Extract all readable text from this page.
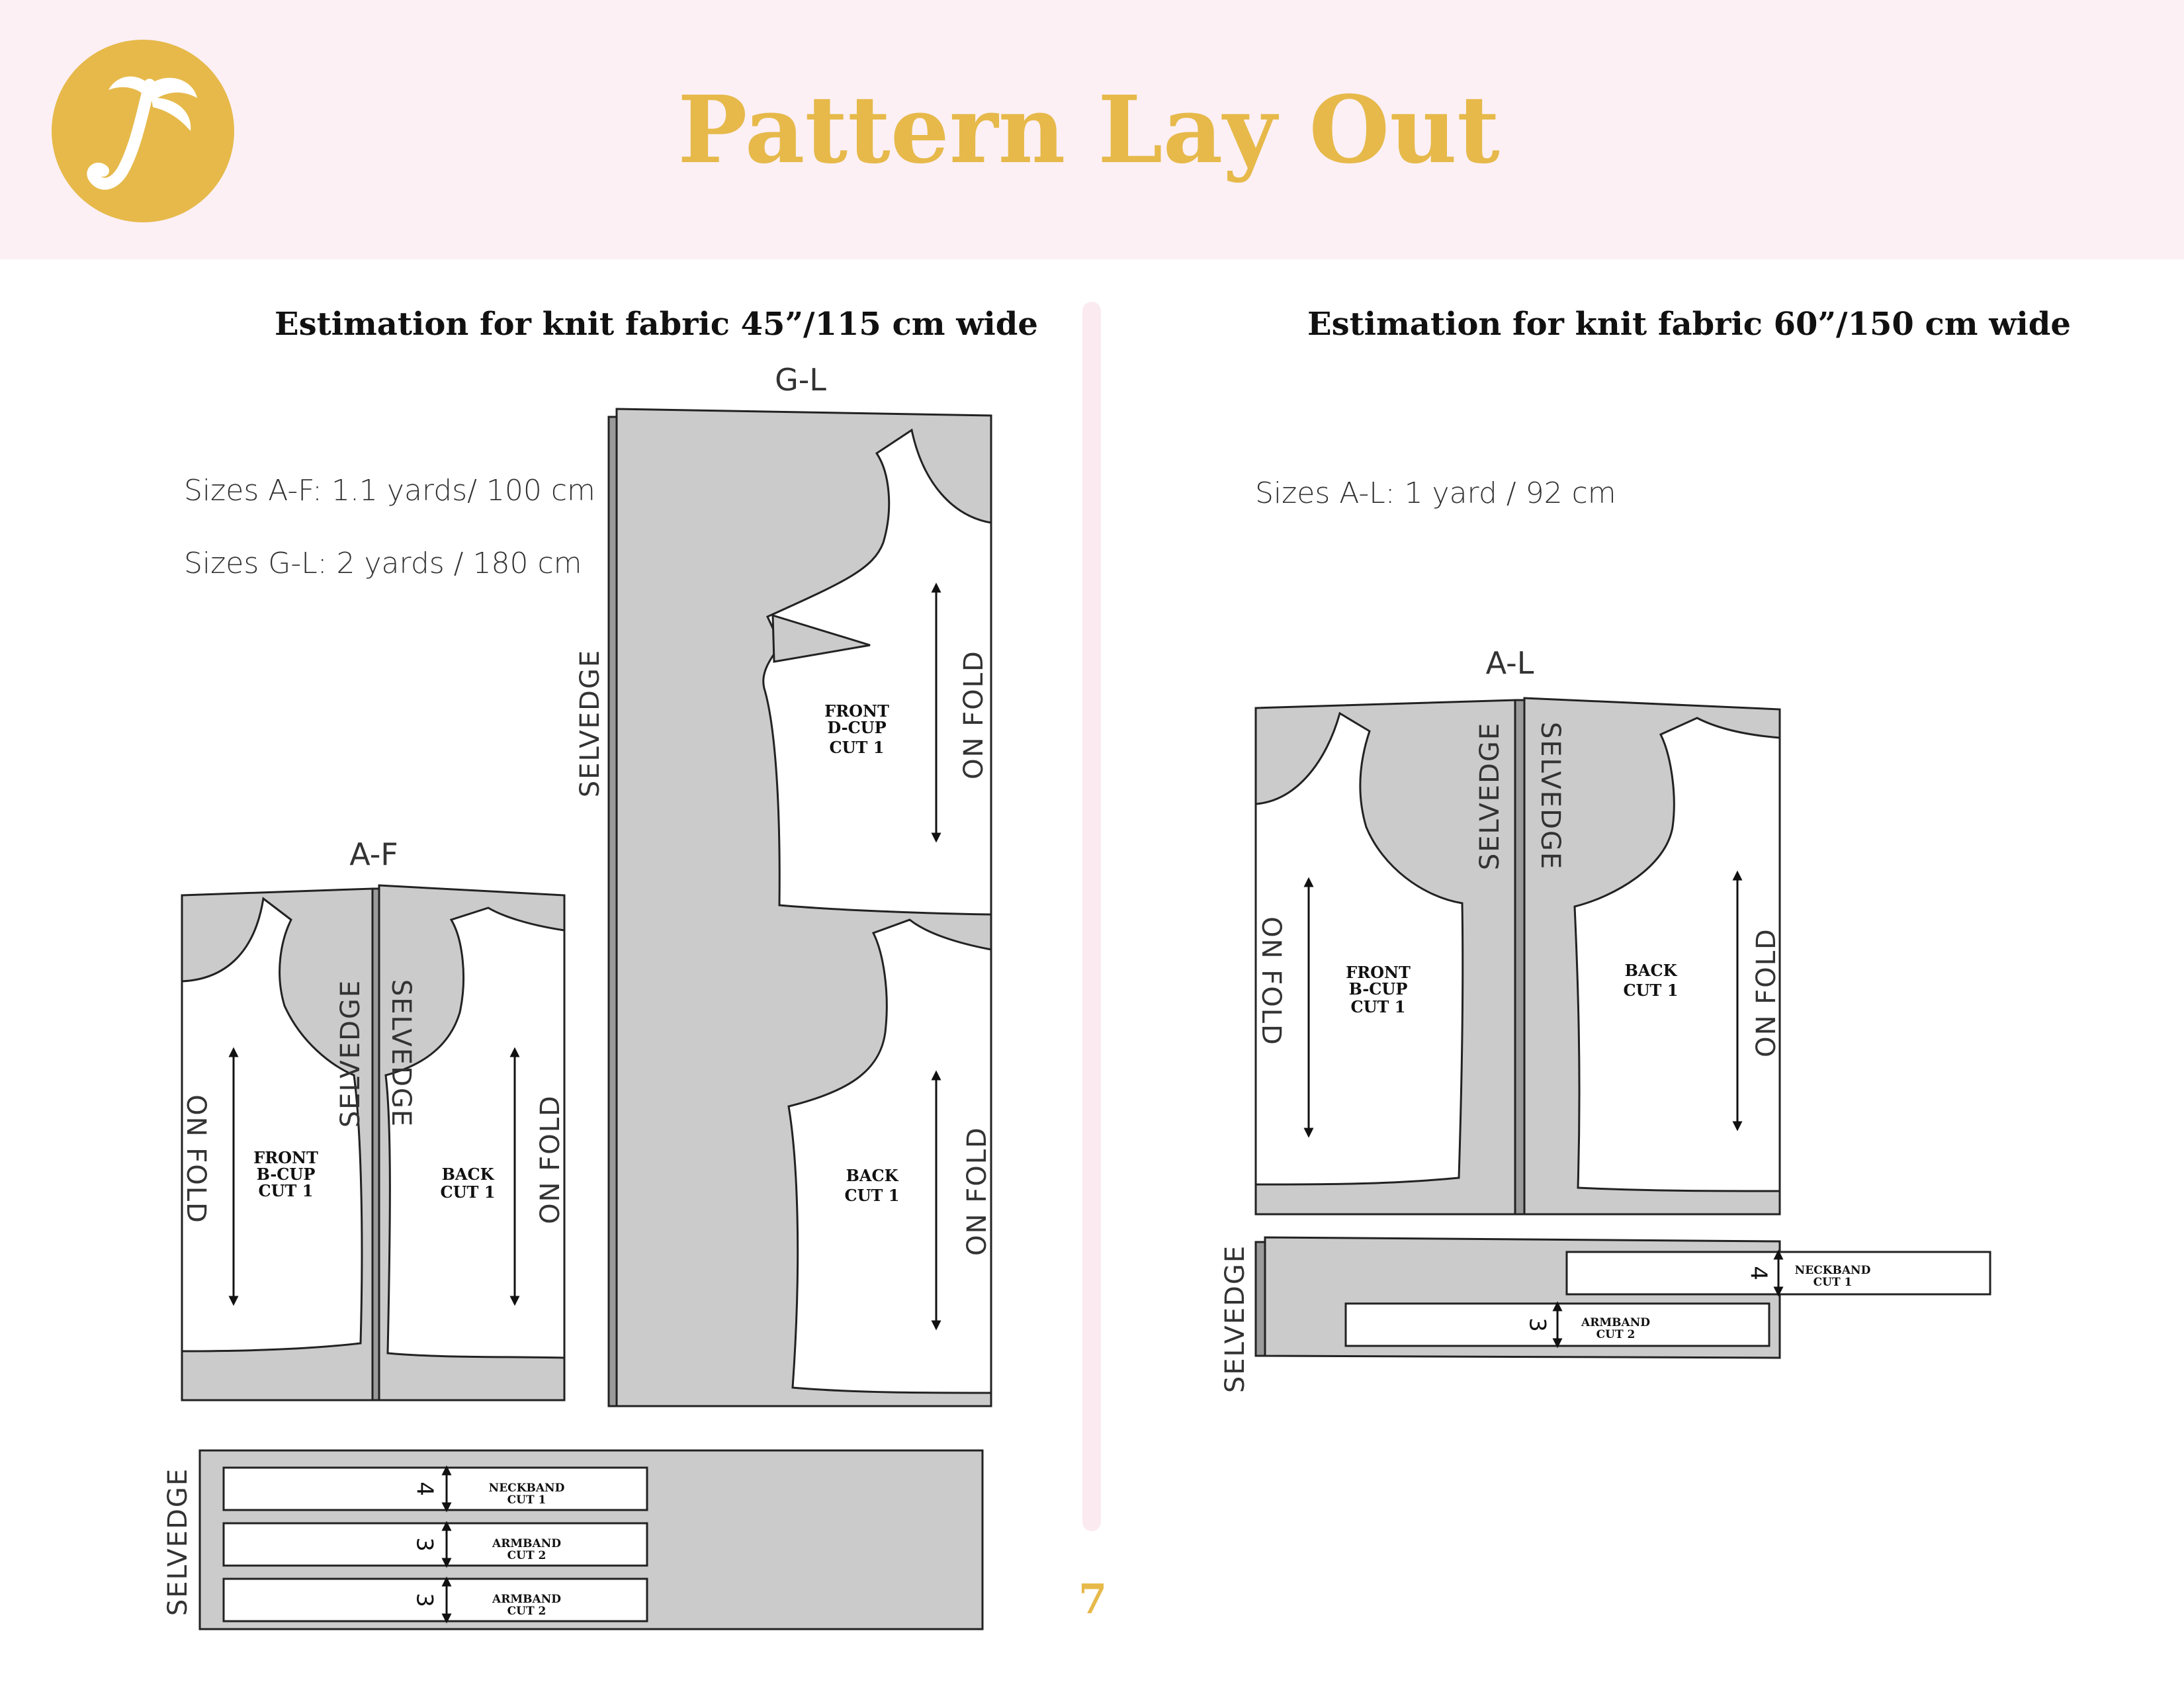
Pattern Lay Out
Estimation for knit fabric 45”/115 cm wide	Estimation for knit fabric 60”/150 cm wide
Sizes A-F: 1.1 yards/ 100 cm
Sizes G-L: 2 yards / 180 cm
Sizes A-L: 1 yard / 92 cm
A-F
FRONT
B-CUP
CUT 1
BACK
CUT 1
SELVEDGE SELVEDGE
ON FOLD	ON FOLD
G-L
FRONT
D-CUP
CUT 1
BACK
CUT 1
SELVEDGE	ON FOLD
ON FOLD
SELVEDGE	4	NECKBAND
CUT 1
3	ARMBAND
CUT 2
3	ARMBAND
CUT 2
A-L
FRONT
B-CUP
CUT 1
BACK
CUT 1
SELVEDGE SELVEDGE
ON FOLD	ON FOLD
SELVEDGE	4 NECKBAND
CUT 1
3	ARMBAND
CUT 2
7
